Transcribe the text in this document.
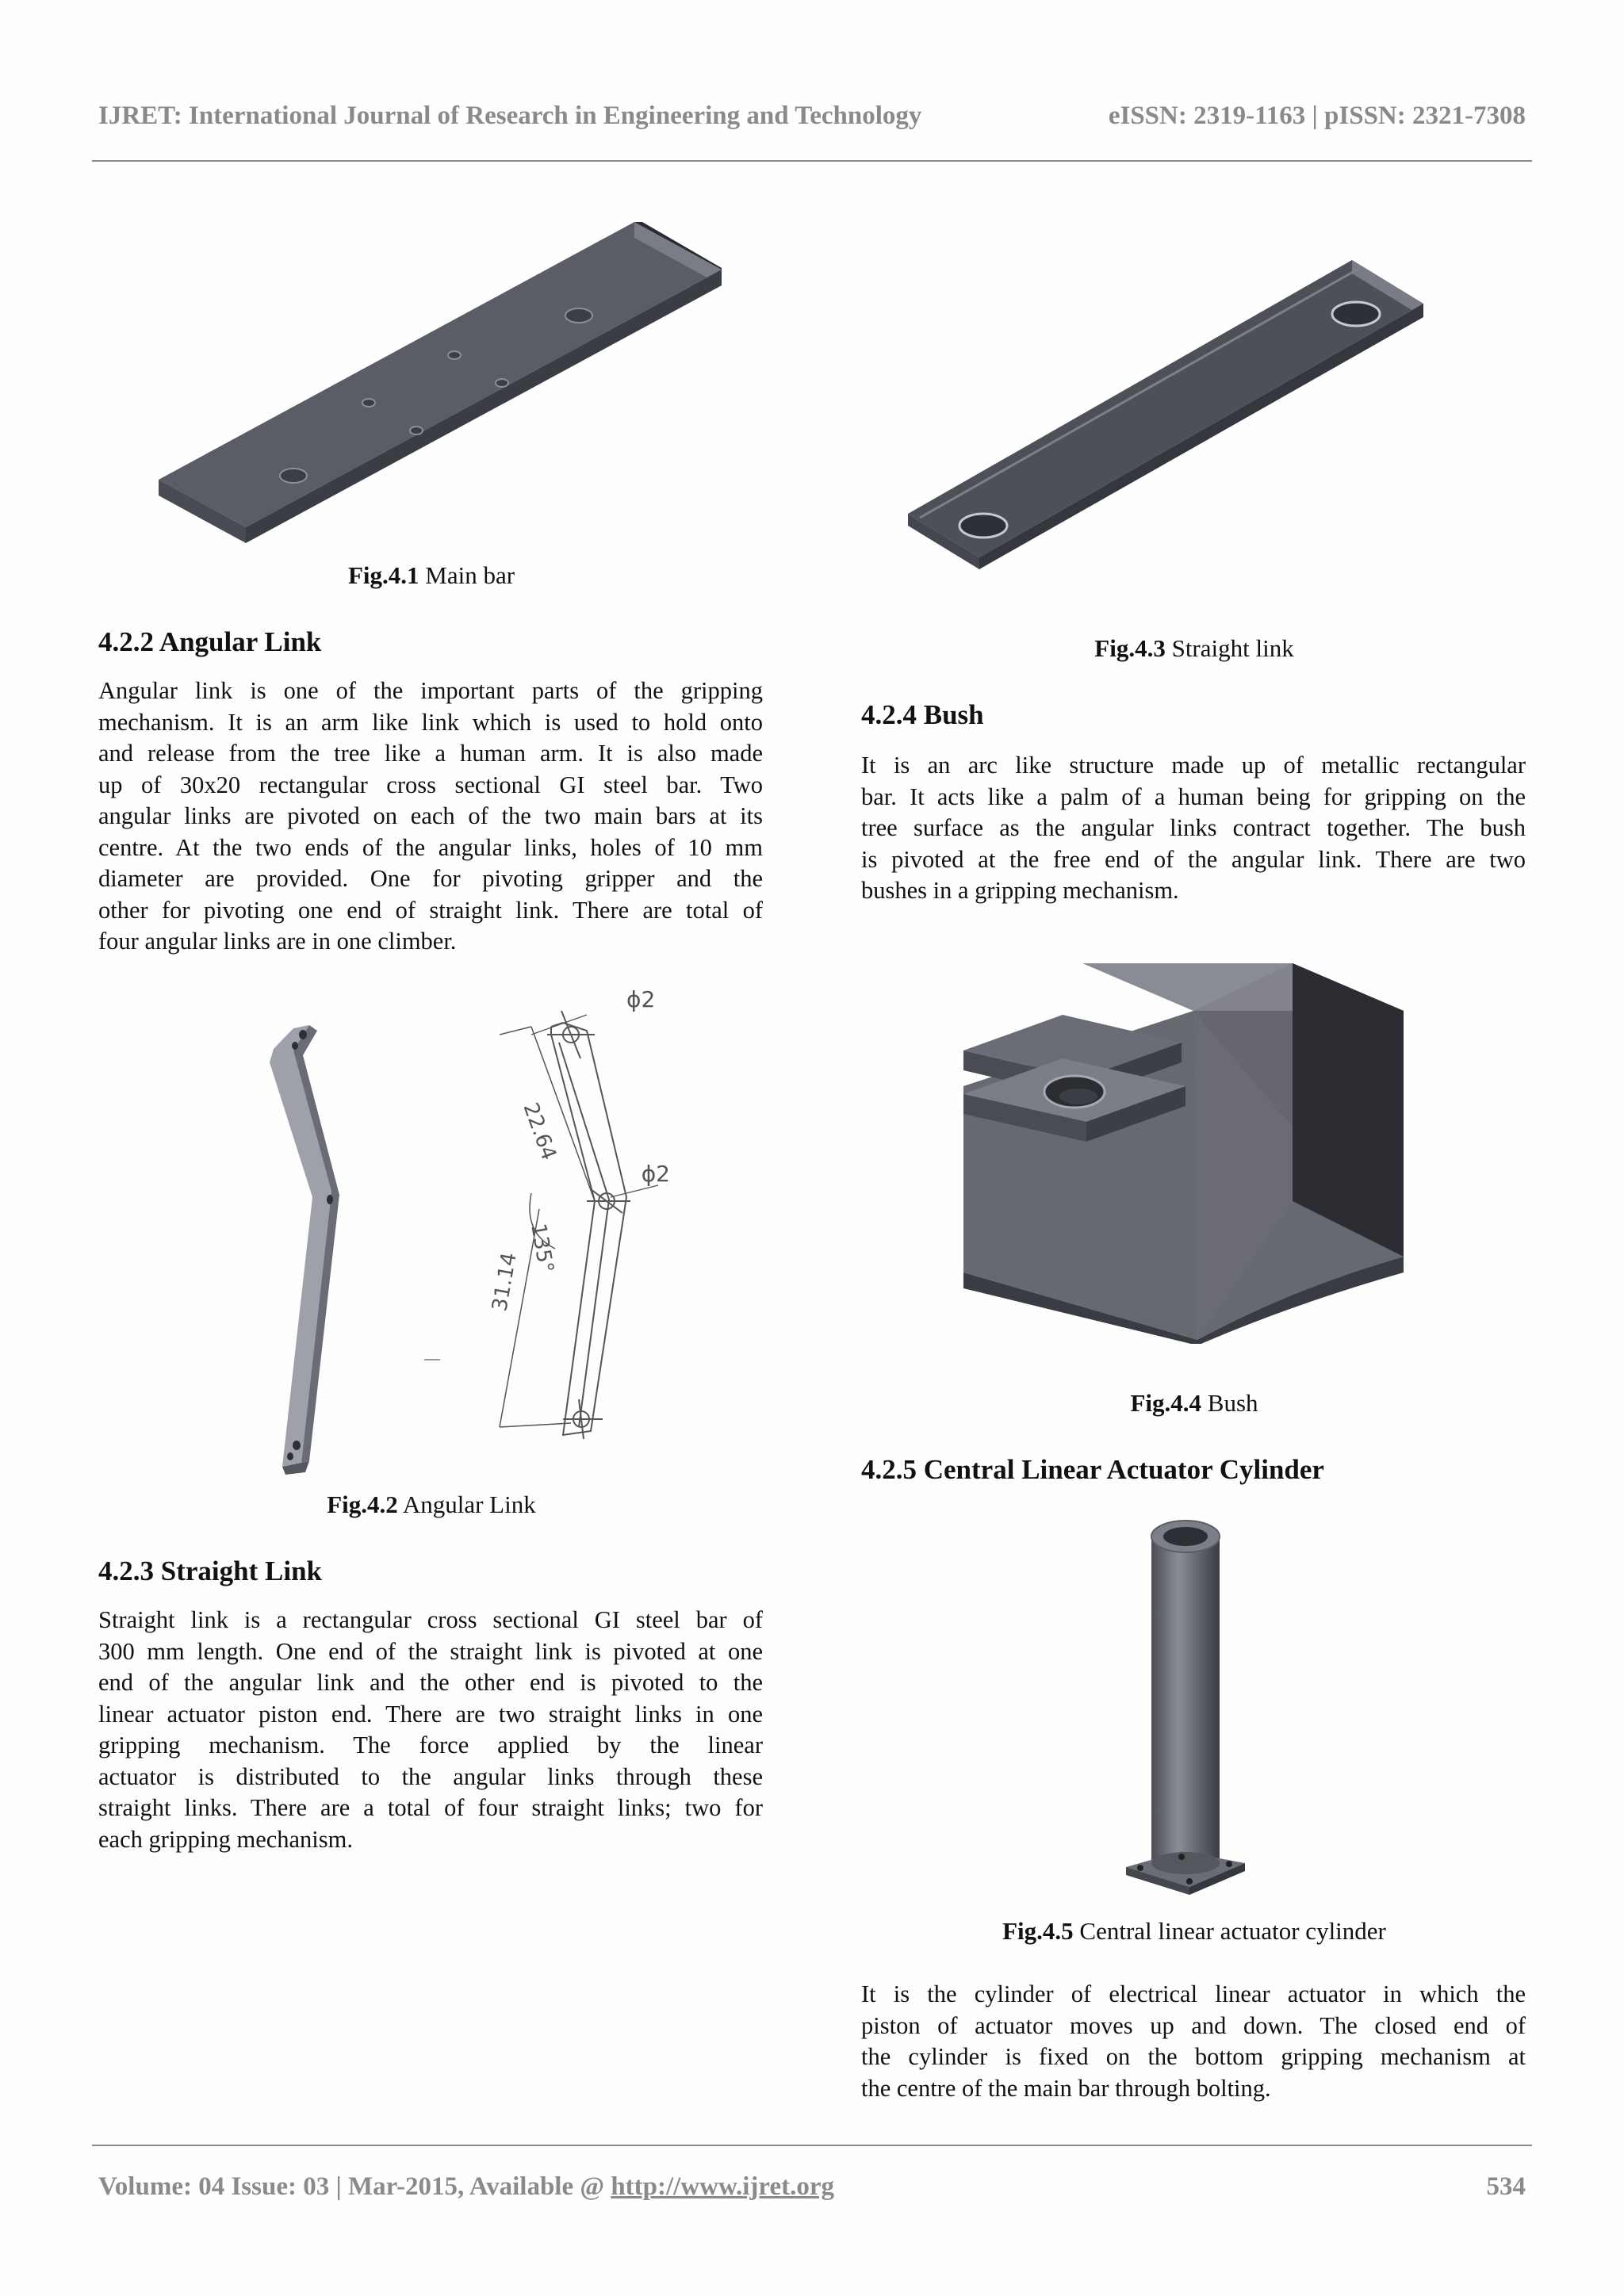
IJRET: International Journal of Research in Engineering and Technology	eISSN: 2319-1163 | pISSN: 2321-7308
Fig.4.1 Main bar
4.2.2 Angular Link
Angular link is one of the important parts of the gripping
mechanism. It is an arm like link which is used to hold onto
and release from the tree like a human arm. It is also made
up of 30x20 rectangular cross sectional GI steel bar. Two
angular links are pivoted on each of the two main bars at its
centre. At the two ends of the angular links, holes of 10 mm
diameter are provided. One for pivoting gripper and the
other for pivoting one end of straight link. There are total of
four angular links are in one climber.
ϕ2
ϕ2
22.64
135°
31.14
Fig.4.2 Angular Link
4.2.3 Straight Link
Straight link is a rectangular cross sectional GI steel bar of
300 mm length. One end of the straight link is pivoted at one
end of the angular link and the other end is pivoted to the
linear actuator piston end. There are two straight links in one
gripping mechanism. The force applied by the linear
actuator is distributed to the angular links through these
straight links. There are a total of four straight links; two for
each gripping mechanism.
Fig.4.3 Straight link
4.2.4 Bush
It is an arc like structure made up of metallic rectangular
bar. It acts like a palm of a human being for gripping on the
tree surface as the angular links contract together. The bush
is pivoted at the free end of the angular link. There are two
bushes in a gripping mechanism.
Fig.4.4 Bush
4.2.5 Central Linear Actuator Cylinder
Fig.4.5 Central linear actuator cylinder
It is the cylinder of electrical linear actuator in which the
piston of actuator moves up and down. The closed end of
the cylinder is fixed on the bottom gripping mechanism at
the centre of the main bar through bolting.
Volume: 04 Issue: 03 | Mar-2015, Available @ http://www.ijret.org	534
